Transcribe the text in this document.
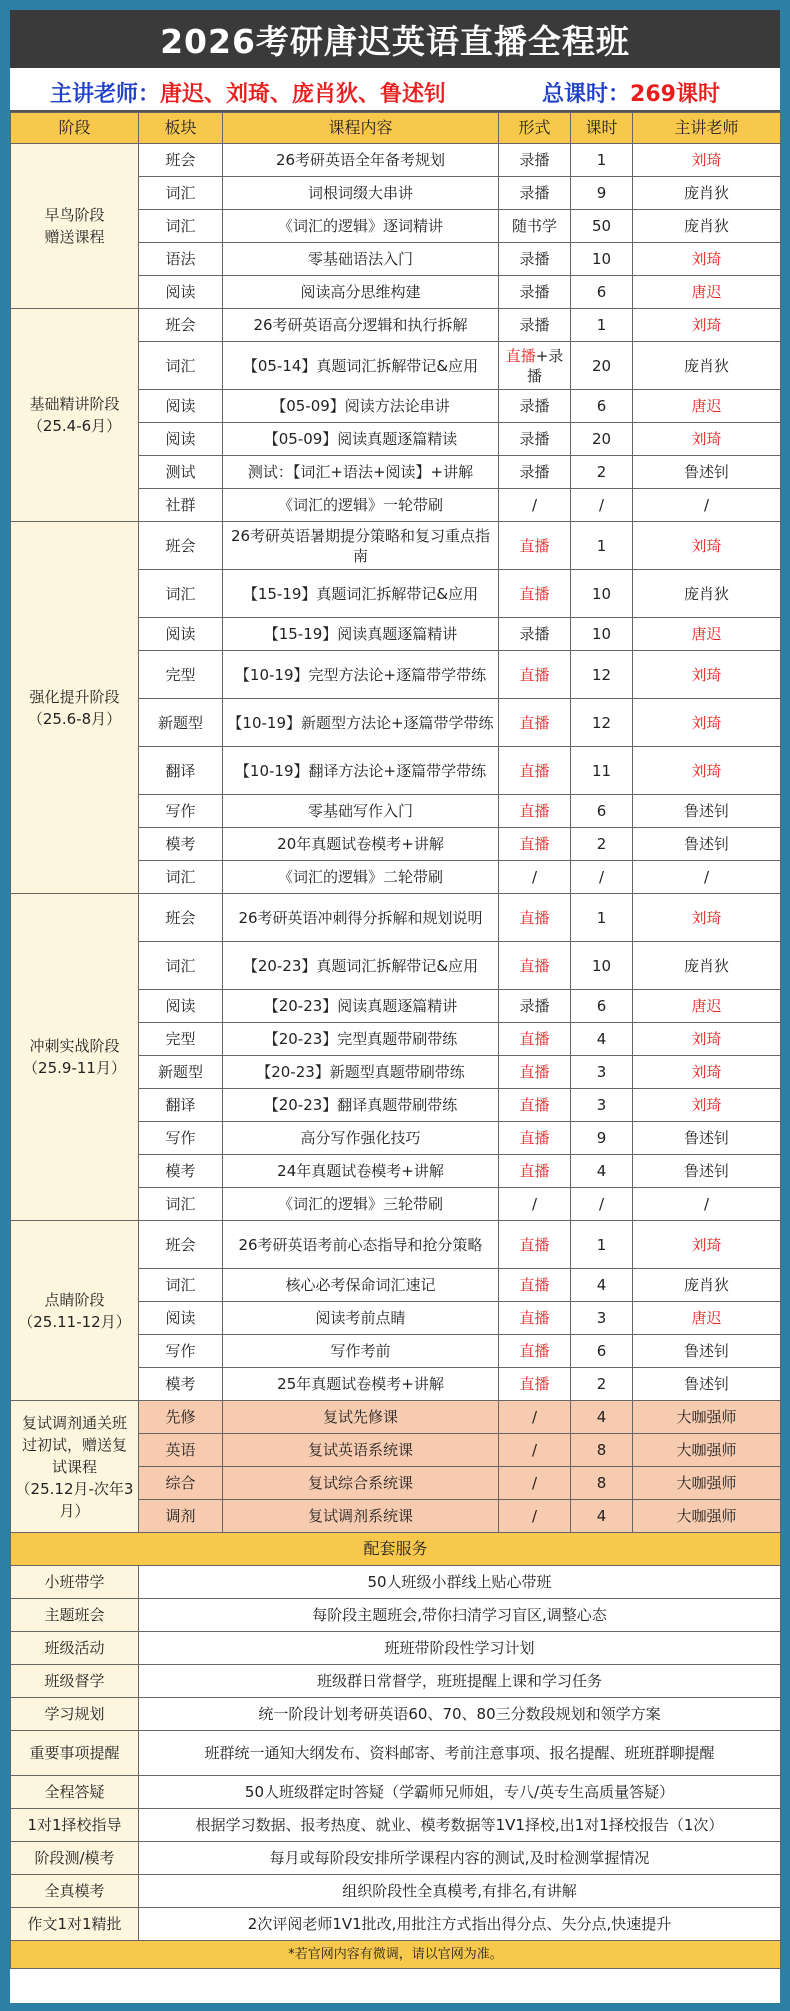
2026考研唐迟英语直播全程班
主讲老师：唐迟、刘琦、庞肖狄、鲁述钊	总课时：269课时
阶段	板块	课程内容	形式	课时	主讲老师

早鸟阶段
赠送课程	班会	26考研英语全年备考规划	录播	1	刘琦
	词汇	词根词缀大串讲	录播	9	庞肖狄
	词汇	《词汇的逻辑》逐词精讲	随书学	50	庞肖狄
	语法	零基础语法入门	录播	10	刘琦
	阅读	阅读高分思维构建	录播	6	唐迟

基础精讲阶段
（25.4-6月）	班会	26考研英语高分逻辑和执行拆解	录播	1	刘琦
	词汇	【05-14】真题词汇拆解带记&应用	直播+录播	20	庞肖狄
	阅读	【05-09】阅读方法论串讲	录播	6	唐迟
	阅读	【05-09】阅读真题逐篇精读	录播	20	刘琦
	测试	测试：【词汇+语法+阅读】+讲解	录播	2	鲁述钊
	社群	《词汇的逻辑》一轮带刷	/	/	/

强化提升阶段
（25.6-8月）	班会	26考研英语暑期提分策略和复习重点指南	直播	1	刘琦
	词汇	【15-19】真题词汇拆解带记&应用	直播	10	庞肖狄
	阅读	【15-19】阅读真题逐篇精讲	录播	10	唐迟
	完型	【10-19】完型方法论+逐篇带学带练	直播	12	刘琦
	新题型	【10-19】新题型方法论+逐篇带学带练	直播	12	刘琦
	翻译	【10-19】翻译方法论+逐篇带学带练	直播	11	刘琦
	写作	零基础写作入门	直播	6	鲁述钊
	模考	20年真题试卷模考+讲解	直播	2	鲁述钊
	词汇	《词汇的逻辑》二轮带刷	/	/	/

冲刺实战阶段
（25.9-11月）	班会	26考研英语冲刺得分拆解和规划说明	直播	1	刘琦
	词汇	【20-23】真题词汇拆解带记&应用	直播	10	庞肖狄
	阅读	【20-23】阅读真题逐篇精讲	录播	6	唐迟
	完型	【20-23】完型真题带刷带练	直播	4	刘琦
	新题型	【20-23】新题型真题带刷带练	直播	3	刘琦
	翻译	【20-23】翻译真题带刷带练	直播	3	刘琦
	写作	高分写作强化技巧	直播	9	鲁述钊
	模考	24年真题试卷模考+讲解	直播	4	鲁述钊
	词汇	《词汇的逻辑》三轮带刷	/	/	/

点睛阶段
（25.11-12月）	班会	26考研英语考前心态指导和抢分策略	直播	1	刘琦
	词汇	核心必考保命词汇速记	直播	4	庞肖狄
	阅读	阅读考前点睛	直播	3	唐迟
	写作	写作考前	直播	6	鲁述钊
	模考	25年真题试卷模考+讲解	直播	2	鲁述钊

复试调剂通关班过初试，赠送复试课程
（25.12月-次年3月）	先修	复试先修课	/	4	大咖强师
	英语	复试英语系统课	/	8	大咖强师
	综合	复试综合系统课	/	8	大咖强师
	调剂	复试调剂系统课	/	4	大咖强师
配套服务					
小班带学	50人班级小群线上贴心带班				
主题班会	每阶段主题班会,带你扫清学习盲区,调整心态				
班级活动	班班带阶段性学习计划				
班级督学	班级群日常督学，班班提醒上课和学习任务				
学习规划	统一阶段计划考研英语60、70、80三分数段规划和领学方案				
重要事项提醒	班群统一通知大纲发布、资料邮寄、考前注意事项、报名提醒、班班群聊提醒				
全程答疑	50人班级群定时答疑（学霸师兄师姐，专八/英专生高质量答疑）				
1对1择校指导	根据学习数据、报考热度、就业、模考数据等1V1择校,出1对1择校报告（1次）				
阶段测/模考	每月或每阶段安排所学课程内容的测试,及时检测掌握情况				
全真模考	组织阶段性全真模考,有排名,有讲解				
作文1对1精批	2次评阅老师1V1批改,用批注方式指出得分点、失分点,快速提升				
*若官网内容有微调，请以官网为准。					
